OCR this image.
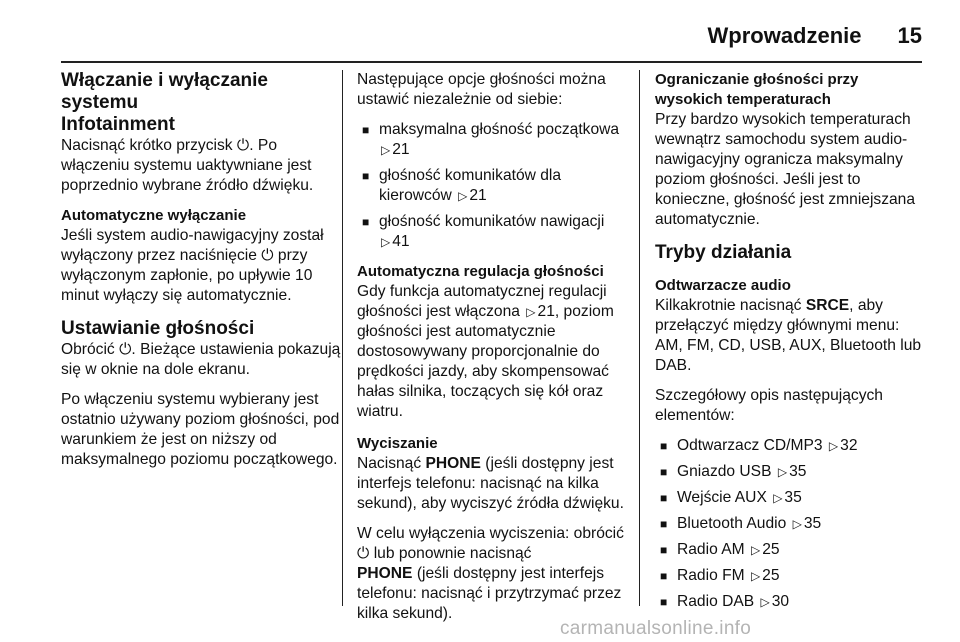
Wprowadzenie 15
Włączanie i wyłączanie systemu
Infotainment

Nacisnąć krótko przycisk ⏻. Po włączeniu systemu uaktywniane jest poprzednio wybrane źródło dźwięku.

Automatyczne wyłączanie

Jeśli system audio-nawigacyjny został wyłączony przez naciśnięcie ⏻ przy wyłączonym zapłonie, po upływie 10 minut wyłączy się automatycznie.

Ustawianie głośności

Obrócić ⏻. Bieżące ustawienia pokazują się w oknie na dole ekranu.

Po włączeniu systemu wybierany jest ostatnio używany poziom głośności, pod warunkiem że jest on niższy od maksymalnego poziomu początkowego.

Następujące opcje głośności można ustawić niezależnie od siebie:

■ maksymalna głośność początkowa ▷ 21
■ głośność komunikatów dla kierowców ▷ 21
■ głośność komunikatów nawigacji ▷ 41
Automatyczna regulacja głośności

Gdy funkcja automatycznej regulacji głośności jest włączona ▷ 21, poziom głośności jest automatycznie dostosowywany proporcjonalnie do prędkości jazdy, aby skompensować hałas silnika, toczących się kół oraz wiatru.

Wyciszanie

Nacisnąć PHONE (jeśli dostępny jest interfejs telefonu: nacisnąć na kilka sekund), aby wyciszyć źródła dźwięku.

W celu wyłączenia wyciszenia: obrócić ⏻ lub ponownie nacisnąć
PHONE (jeśli dostępny jest interfejs telefonu: nacisnąć i przytrzymać przez kilka sekund).

Ograniczanie głośności przy wysokich temperaturach

Przy bardzo wysokich temperaturach wewnątrz samochodu system audio-nawigacyjny ogranicza maksymalny poziom głośności. Jeśli jest to konieczne, głośność jest zmniejszana automatycznie.

Tryby działania
Odtwarzacze audio

Kilkakrotnie nacisnąć SRCE, aby przełączyć między głównymi menu: AM, FM, CD, USB, AUX, Bluetooth lub DAB.

Szczegółowy opis następujących elementów:

■ Odtwarzacz CD/MP3 ▷ 32
■ Gniazdo USB ▷ 35
■ Wejście AUX ▷ 35
■ Bluetooth Audio ▷ 35
■ Radio AM ▷ 25
■ Radio FM ▷ 25
■ Radio DAB ▷ 30
carmanualsonline.info
